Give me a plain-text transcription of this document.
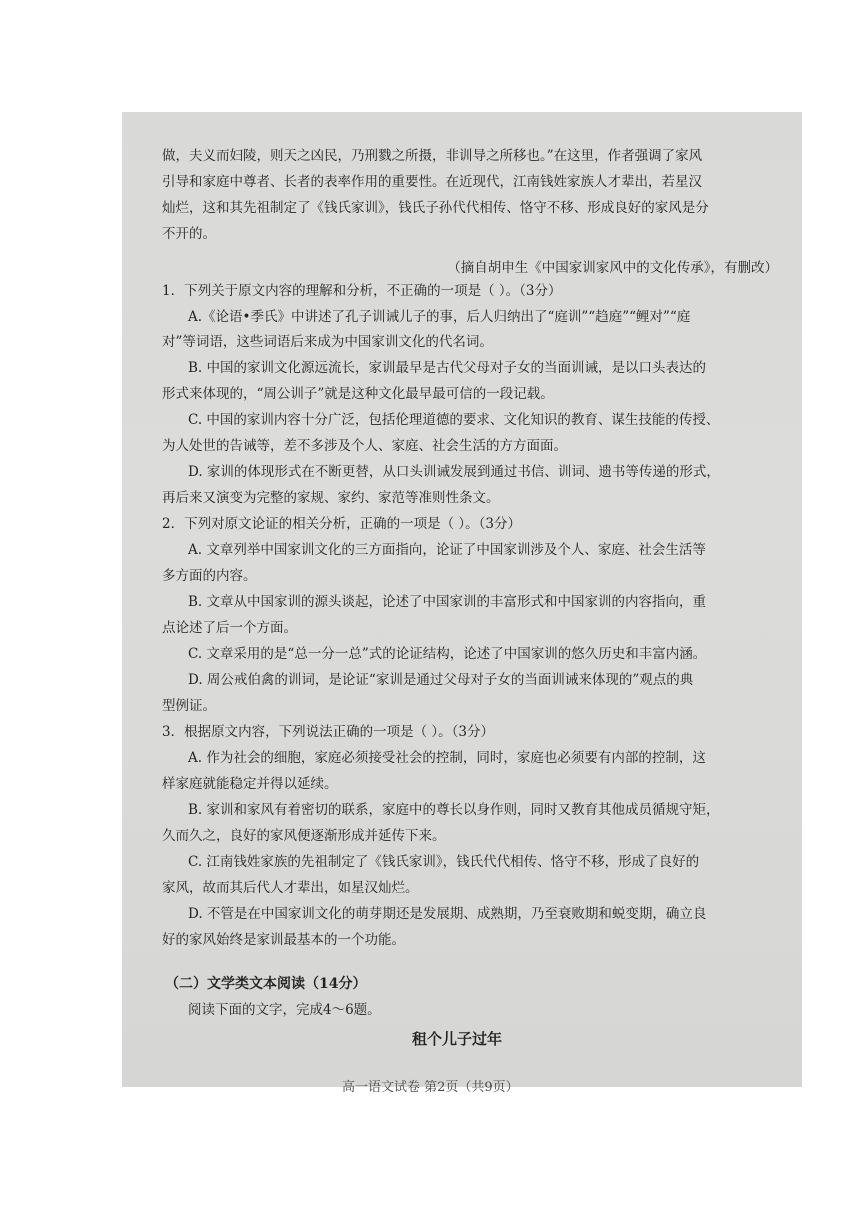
做，夫义而妇陵，则天之凶民，乃刑戮之所摄，非训导之所移也。”在这里，作者强调了家风
引导和家庭中尊者、长者的表率作用的重要性。在近现代，江南钱姓家族人才辈出，若星汉
灿烂，这和其先祖制定了《钱氏家训》，钱氏子孙代代相传、恪守不移、形成良好的家风是分
不开的。
（摘自胡申生《中国家训家风中的文化传承》，有删改）
1．下列关于原文内容的理解和分析，不正确的一项是（ ）。（3分）
A.《论语•季氏》中讲述了孔子训诫儿子的事，后人归纳出了“庭训”“趋庭”“鲤对”“庭
对”等词语，这些词语后来成为中国家训文化的代名词。
B. 中国的家训文化源远流长，家训最早是古代父母对子女的当面训诫，是以口头表达的
形式来体现的，“周公训子”就是这种文化最早最可信的一段记载。
C. 中国的家训内容十分广泛，包括伦理道德的要求、文化知识的教育、谋生技能的传授、
为人处世的告诫等，差不多涉及个人、家庭、社会生活的方方面面。
D. 家训的体现形式在不断更替，从口头训诫发展到通过书信、训词、遗书等传递的形式，
再后来又演变为完整的家规、家约、家范等准则性条文。
2．下列对原文论证的相关分析，正确的一项是（ ）。（3分）
A. 文章列举中国家训文化的三方面指向，论证了中国家训涉及个人、家庭、社会生活等
多方面的内容。
B. 文章从中国家训的源头谈起，论述了中国家训的丰富形式和中国家训的内容指向，重
点论述了后一个方面。
C. 文章采用的是“总一分一总”式的论证结构，论述了中国家训的悠久历史和丰富内涵。
D. 周公戒伯禽的训词，是论证“家训是通过父母对子女的当面训诫来体现的”观点的典
型例证。
3．根据原文内容，下列说法正确的一项是（ ）。（3分）
A. 作为社会的细胞，家庭必须接受社会的控制，同时，家庭也必须要有内部的控制，这
样家庭就能稳定并得以延续。
B. 家训和家风有着密切的联系，家庭中的尊长以身作则，同时又教育其他成员循规守矩，
久而久之，良好的家风便逐渐形成并延传下来。
C. 江南钱姓家族的先祖制定了《钱氏家训》，钱氏代代相传、恪守不移，形成了良好的
家风，故而其后代人才辈出，如星汉灿烂。
D. 不管是在中国家训文化的萌芽期还是发展期、成熟期，乃至衰败期和蜕变期，确立良
好的家风始终是家训最基本的一个功能。
（二）文学类文本阅读（14分）
阅读下面的文字，完成4～6题。
租个儿子过年
高一语文试卷 第2页（共9页）
